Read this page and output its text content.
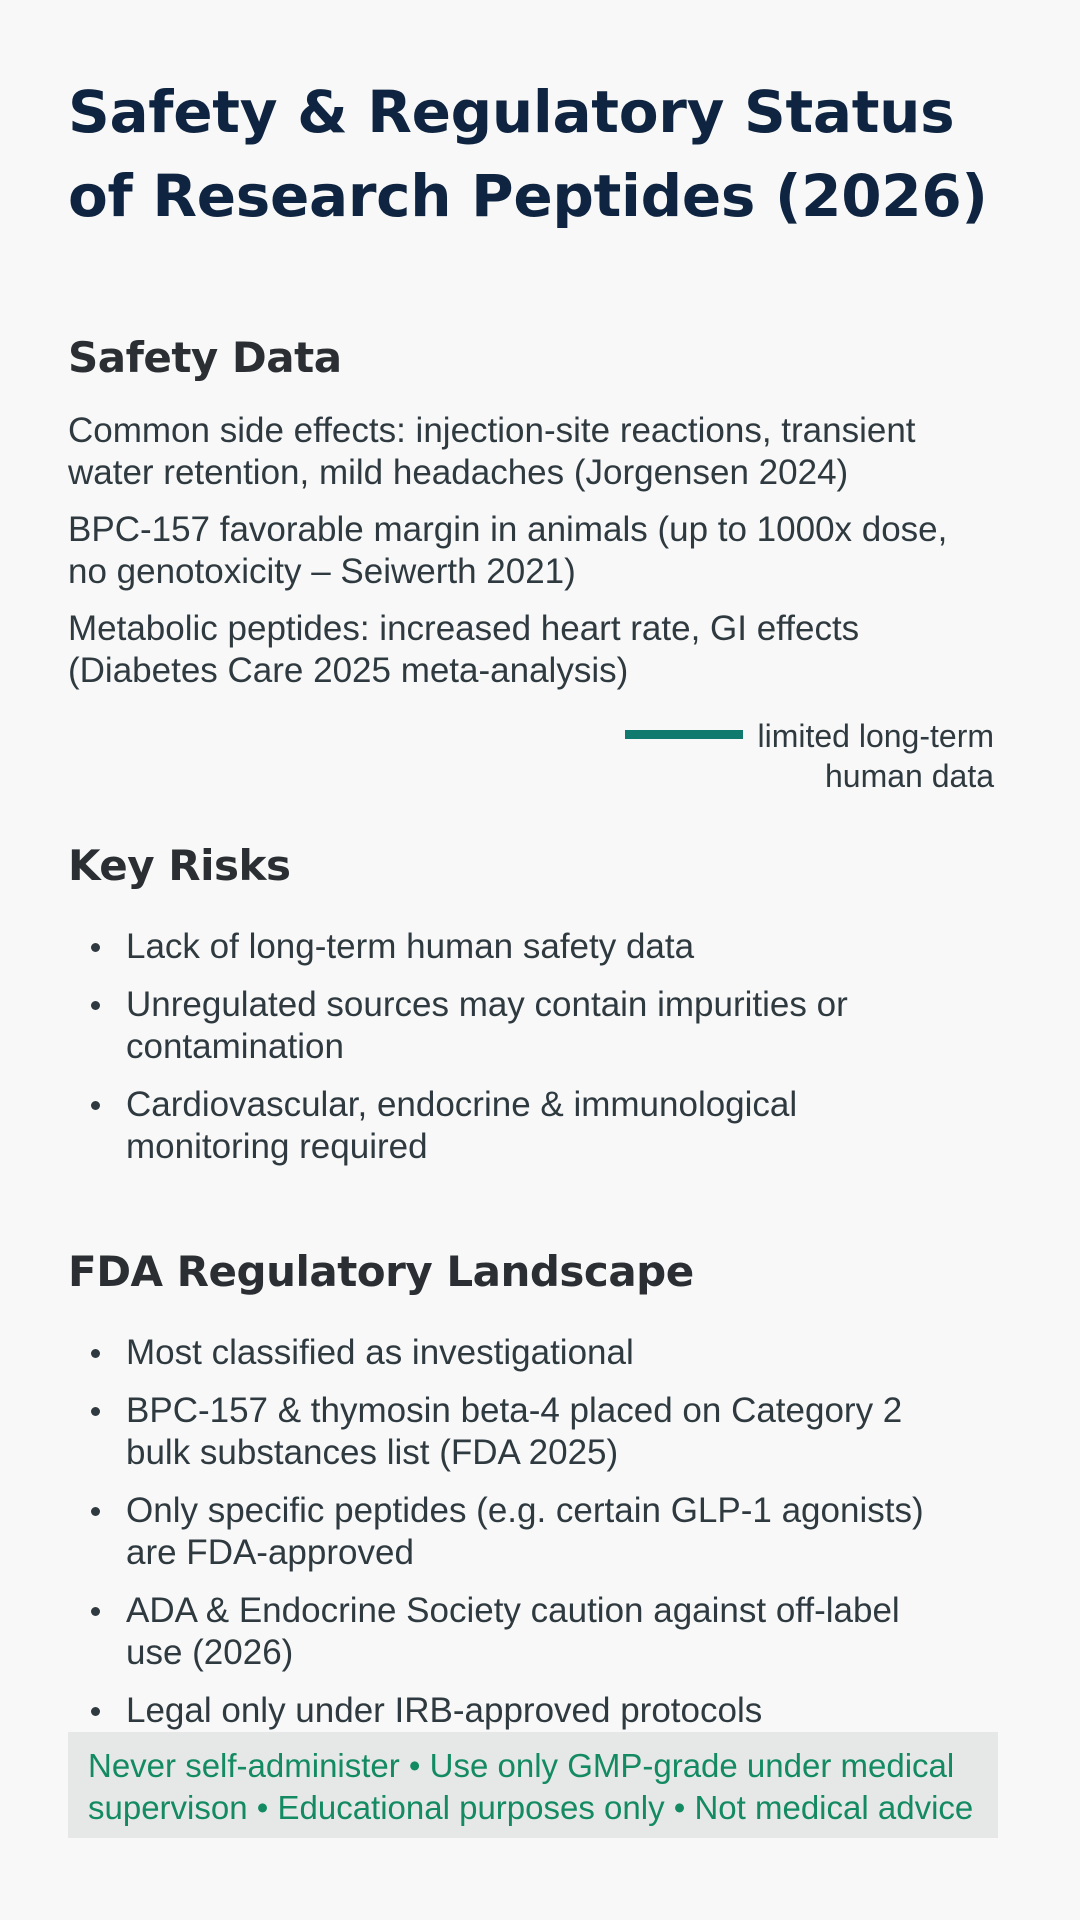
Safety & Regulatory Status
of Research Peptides (2026)
Safety Data

Common side effects: injection-site reactions, transient
water retention, mild headaches (Jorgensen 2024)

BPC-157 favorable margin in animals (up to 1000x dose,
no genotoxicity – Seiwerth 2021)

Metabolic peptides: increased heart rate, GI effects
(Diabetes Care 2025 meta-analysis)

limited long-term
human data
Key Risks
Lack of long-term human safety data
Unregulated sources may contain impurities or
contamination
Cardiovascular, endocrine & immunological
monitoring required
FDA Regulatory Landscape
Most classified as investigational
BPC-157 & thymosin beta-4 placed on Category 2
bulk substances list (FDA 2025)
Only specific peptides (e.g. certain GLP-1 agonists)
are FDA-approved
ADA & Endocrine Society caution against off-label
use (2026)
Legal only under IRB-approved protocols
Never self-administer • Use only GMP-grade under medical
supervison • Educational purposes only • Not medical advice
